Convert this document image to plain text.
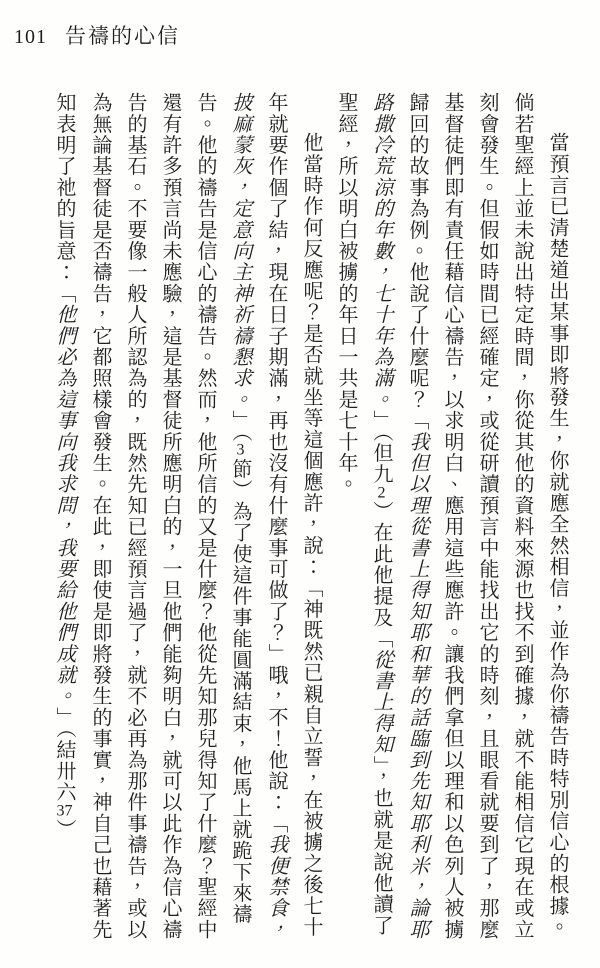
101 告禱的心信

當預言已清楚道出某事即將發生，你就應全然相信，並作為你禱告時特別信心的根據。倘若聖經上並未說出特定時間，你從其他的資料來源也找不到確據，就不能相信它現在或立刻會發生。但假如時間已經確定，或從研讀預言中能找出它的時刻，且眼看就要到了，那麼基督徒們即有責任藉信心禱告，以求明白、應用這些應許。讓我們拿但以理和以色列人被擄歸回的故事為例。他說了什麼呢？「我但以理從書上得知耶和華的話臨到先知耶利米，論耶路撒冷荒涼的年數，七十年為滿。」（但九2）在此他提及「從書上得知」，也就是說他讀了聖經，所以明白被擄的年日一共是七十年。

他當時作何反應呢？是否就坐等這個應許，說：「神既然已親自立誓，在被擄之後七十年就要作個了結，現在日子期滿，再也沒有什麼事可做了？」哦，不！他說：「我便禁食，披麻蒙灰，定意向主神祈禱懇求。」（3節）為了使這件事能圓滿結束，他馬上就跪下來禱告。他的禱告是信心的禱告。然而，他所信的又是什麼？他從先知那兒得知了什麼？聖經中還有許多預言尚未應驗，這是基督徒所應明白的，一旦他們能夠明白，就可以此作為信心禱告的基石。不要像一般人所認為的，既然先知已經預言過了，就不必再為那件事禱告，或以為無論基督徒是否禱告，它都照樣會發生。在此，即使是即將發生的事實，神自己也藉著先知表明了祂的旨意：「他們必為這事向我求問，我要給他們成就。」（結卅六37）
